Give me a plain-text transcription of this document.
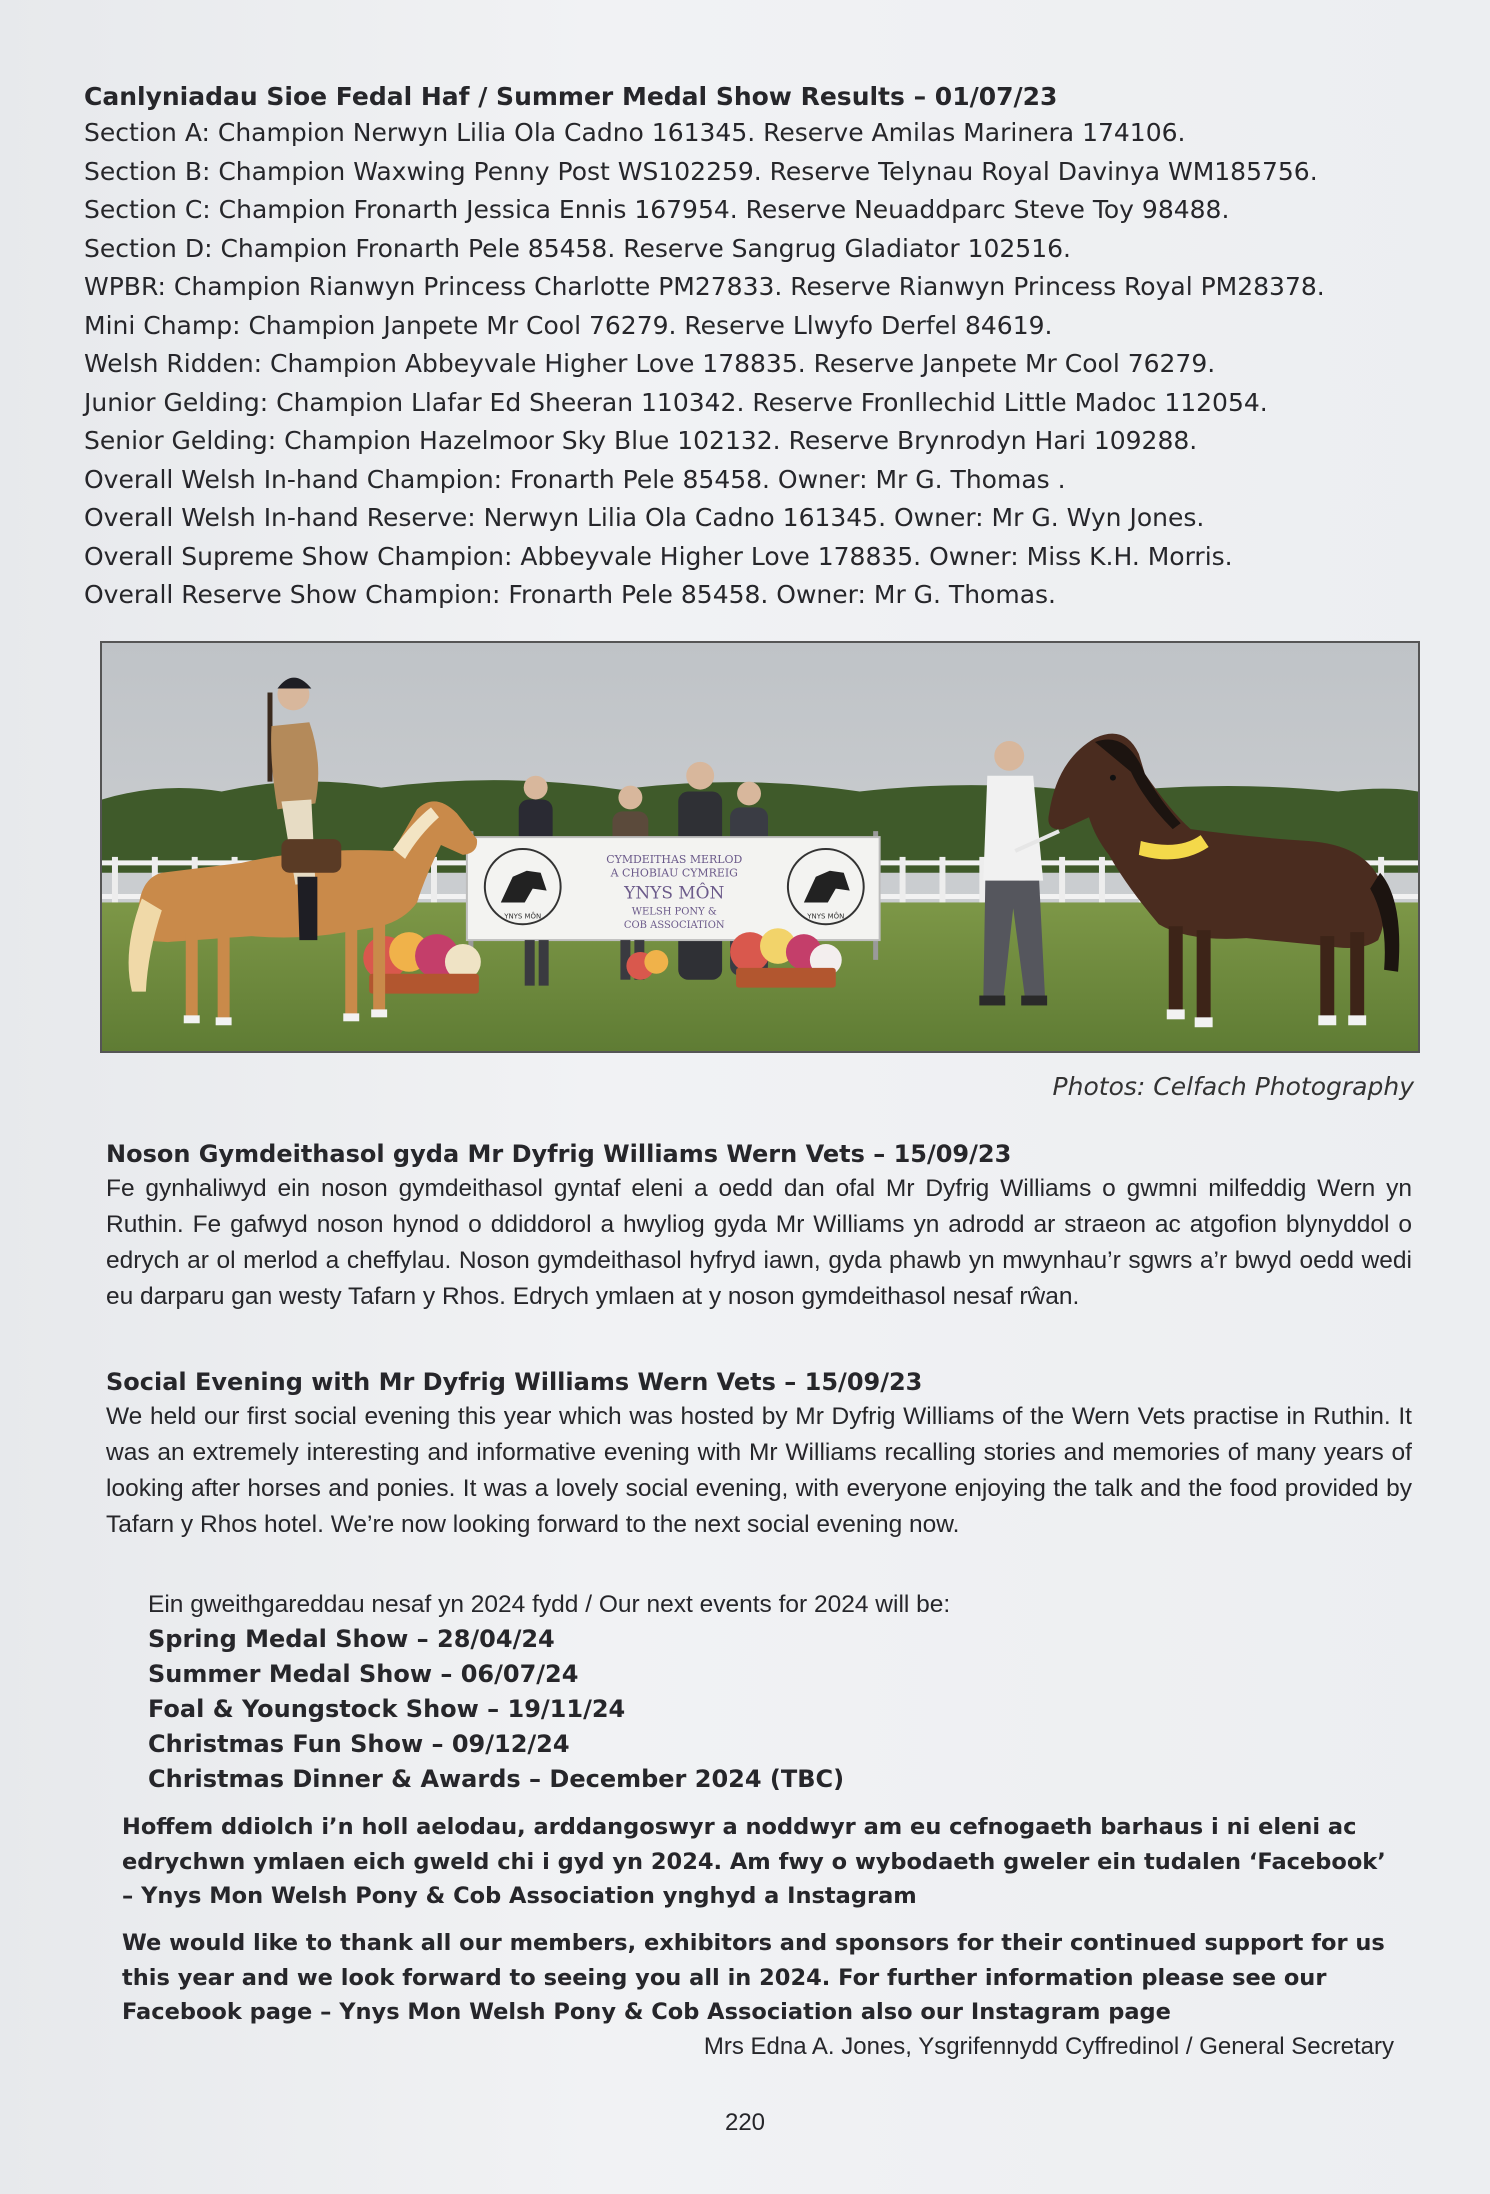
Canlyniadau Sioe Fedal Haf / Summer Medal Show Results – 01/07/23
Section A: Champion Nerwyn Lilia Ola Cadno 161345. Reserve Amilas Marinera 174106.
Section B: Champion Waxwing Penny Post WS102259. Reserve Telynau Royal Davinya WM185756.
Section C: Champion Fronarth Jessica Ennis 167954. Reserve Neuaddparc Steve Toy 98488.
Section D: Champion Fronarth Pele 85458. Reserve Sangrug Gladiator 102516.
WPBR: Champion Rianwyn Princess Charlotte PM27833. Reserve Rianwyn Princess Royal PM28378.
Mini Champ: Champion Janpete Mr Cool 76279. Reserve Llwyfo Derfel 84619.
Welsh Ridden: Champion Abbeyvale Higher Love 178835. Reserve Janpete Mr Cool 76279.
Junior Gelding: Champion Llafar Ed Sheeran 110342. Reserve Fronllechid Little Madoc 112054.
Senior Gelding: Champion Hazelmoor Sky Blue 102132. Reserve Brynrodyn Hari 109288.
Overall Welsh In-hand Champion: Fronarth Pele 85458. Owner: Mr G. Thomas .
Overall Welsh In-hand Reserve: Nerwyn Lilia Ola Cadno 161345. Owner: Mr G. Wyn Jones.
Overall Supreme Show Champion: Abbeyvale Higher Love 178835. Owner: Miss K.H. Morris.
Overall Reserve Show Champion: Fronarth Pele 85458. Owner: Mr G. Thomas.
YNYS MÔN	YNYS MÔN
CYMDEITHAS MERLOD
A CHOBIAU CYMREIG
YNYS MÔN
WELSH PONY &
COB ASSOCIATION
Photos: Celfach Photography
Noson Gymdeithasol gyda Mr Dyfrig Williams Wern Vets – 15/09/23

Fe gynhaliwyd ein noson gymdeithasol gyntaf eleni a oedd dan ofal Mr Dyfrig Williams o gwmni milfeddig Wern yn Ruthin. Fe gafwyd noson hynod o ddiddorol a hwyliog gyda Mr Williams yn adrodd ar straeon ac atgofion blynyddol o edrych ar ol merlod a cheffylau. Noson gymdeithasol hyfryd iawn, gyda phawb yn mwynhau’r sgwrs a’r bwyd oedd wedi eu darparu gan westy Tafarn y Rhos. Edrych ymlaen at y noson gymdeithasol nesaf rŵan.

Social Evening with Mr Dyfrig Williams Wern Vets – 15/09/23

We held our first social evening this year which was hosted by Mr Dyfrig Williams of the Wern Vets practise in Ruthin. It was an extremely interesting and informative evening with Mr Williams recalling stories and memories of many years of looking after horses and ponies. It was a lovely social evening, with everyone enjoying the talk and the food provided by Tafarn y Rhos hotel. We’re now looking forward to the next social evening now.

Ein gweithgareddau nesaf yn 2024 fydd / Our next events for 2024 will be:
Spring Medal Show – 28/04/24
Summer Medal Show – 06/07/24
Foal & Youngstock Show – 19/11/24
Christmas Fun Show – 09/12/24
Christmas Dinner & Awards – December 2024 (TBC)

Hoffem ddiolch i’n holl aelodau, arddangoswyr a noddwyr am eu cefnogaeth barhaus i ni eleni ac edrychwn ymlaen eich gweld chi i gyd yn 2024. Am fwy o wybodaeth gweler ein tudalen ‘Facebook’ – Ynys Mon Welsh Pony & Cob Association ynghyd a Instagram

We would like to thank all our members, exhibitors and sponsors for their continued support for us this year and we look forward to seeing you all in 2024. For further information please see our Facebook page – Ynys Mon Welsh Pony & Cob Association also our Instagram page

Mrs Edna A. Jones, Ysgrifennydd Cyffredinol / General Secretary
220
